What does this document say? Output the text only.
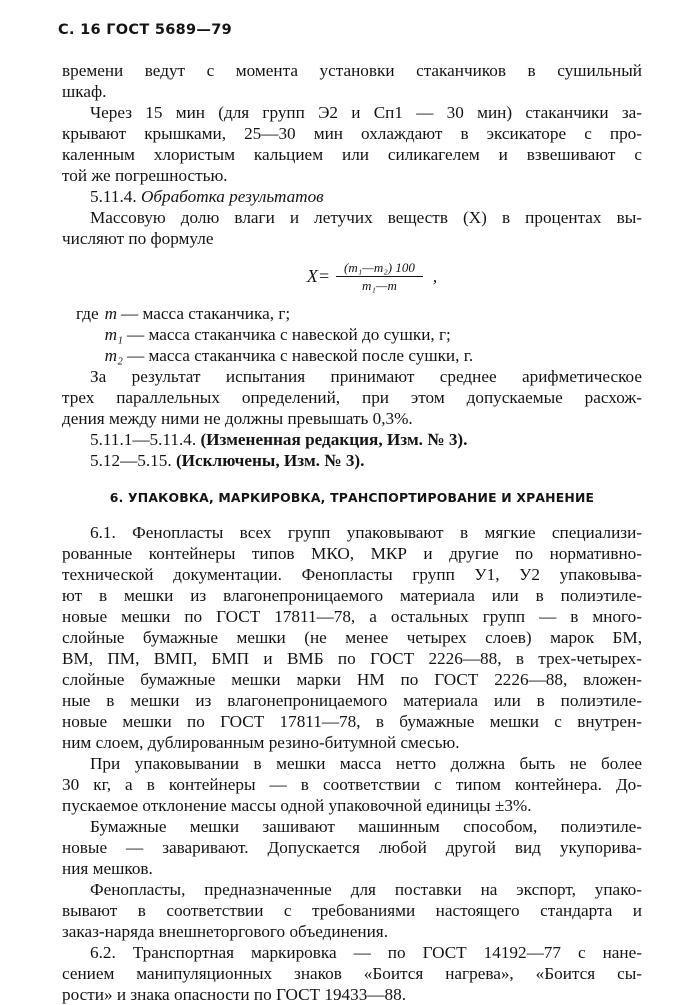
С. 16 ГОСТ 5689—79

времени ведут с момента установки стаканчиков в сушильный

шкаф.

Через 15 мин (для групп Э2 и Сп1 — 30 мин) стаканчики за-

крывают крышками, 25—30 мин охлаждают в эксикаторе с про-

каленным хлористым кальцием или силикагелем и взвешивают с

той же погрешностью.

5.11.4. Обработка результатов

Массовую долю влаги и летучих веществ (X) в процентах вы-

числяют по формуле

$X= \frac{\text{(m₁—m₂) 100}}{\text{m₁—m}}$ ,
где m — масса стаканчика, г;
m₁ — масса стаканчика с навеской до сушки, г;
m₂ — масса стаканчика с навеской после сушки, г.

За результат испытания принимают среднее арифметическое

трех параллельных определений, при этом допускаемые расхож-

дения между ними не должны превышать 0,3%.

5.11.1—5.11.4. (Измененная редакция, Изм. № 3).

5.12—5.15. (Исключены, Изм. № 3).

6. УПАКОВКА, МАРКИРОВКА, ТРАНСПОРТИРОВАНИЕ И ХРАНЕНИЕ

6.1. Фенопласты всех групп упаковывают в мягкие специализи-

рованные контейнеры типов МКО, МКР и другие по нормативно-

технической документации. Фенопласты групп У1, У2 упаковыва-

ют в мешки из влагонепроницаемого материала или в полиэтиле-

новые мешки по ГОСТ 17811—78, а остальных групп — в много-

слойные бумажные мешки (не менее четырех слоев) марок БМ,

ВМ, ПМ, ВМП, БМП и ВМБ по ГОСТ 2226—88, в трех-четырех-

слойные бумажные мешки марки НМ по ГОСТ 2226—88, вложен-

ные в мешки из влагонепроницаемого материала или в полиэтиле-

новые мешки по ГОСТ 17811—78, в бумажные мешки с внутрен-

ним слоем, дублированным резино-битумной смесью.

При упаковывании в мешки масса нетто должна быть не более

30 кг, а в контейнеры — в соответствии с типом контейнера. До-

пускаемое отклонение массы одной упаковочной единицы ±3%.

Бумажные мешки зашивают машинным способом, полиэтиле-

новые — заваривают. Допускается любой другой вид укупорива-

ния мешков.

Фенопласты, предназначенные для поставки на экспорт, упако-

вывают в соответствии с требованиями настоящего стандарта и

заказ-наряда внешнеторгового объединения.

6.2. Транспортная маркировка — по ГОСТ 14192—77 с нане-

сением манипуляционных знаков «Боится нагрева», «Боится сы-

рости» и знака опасности по ГОСТ 19433—88.
